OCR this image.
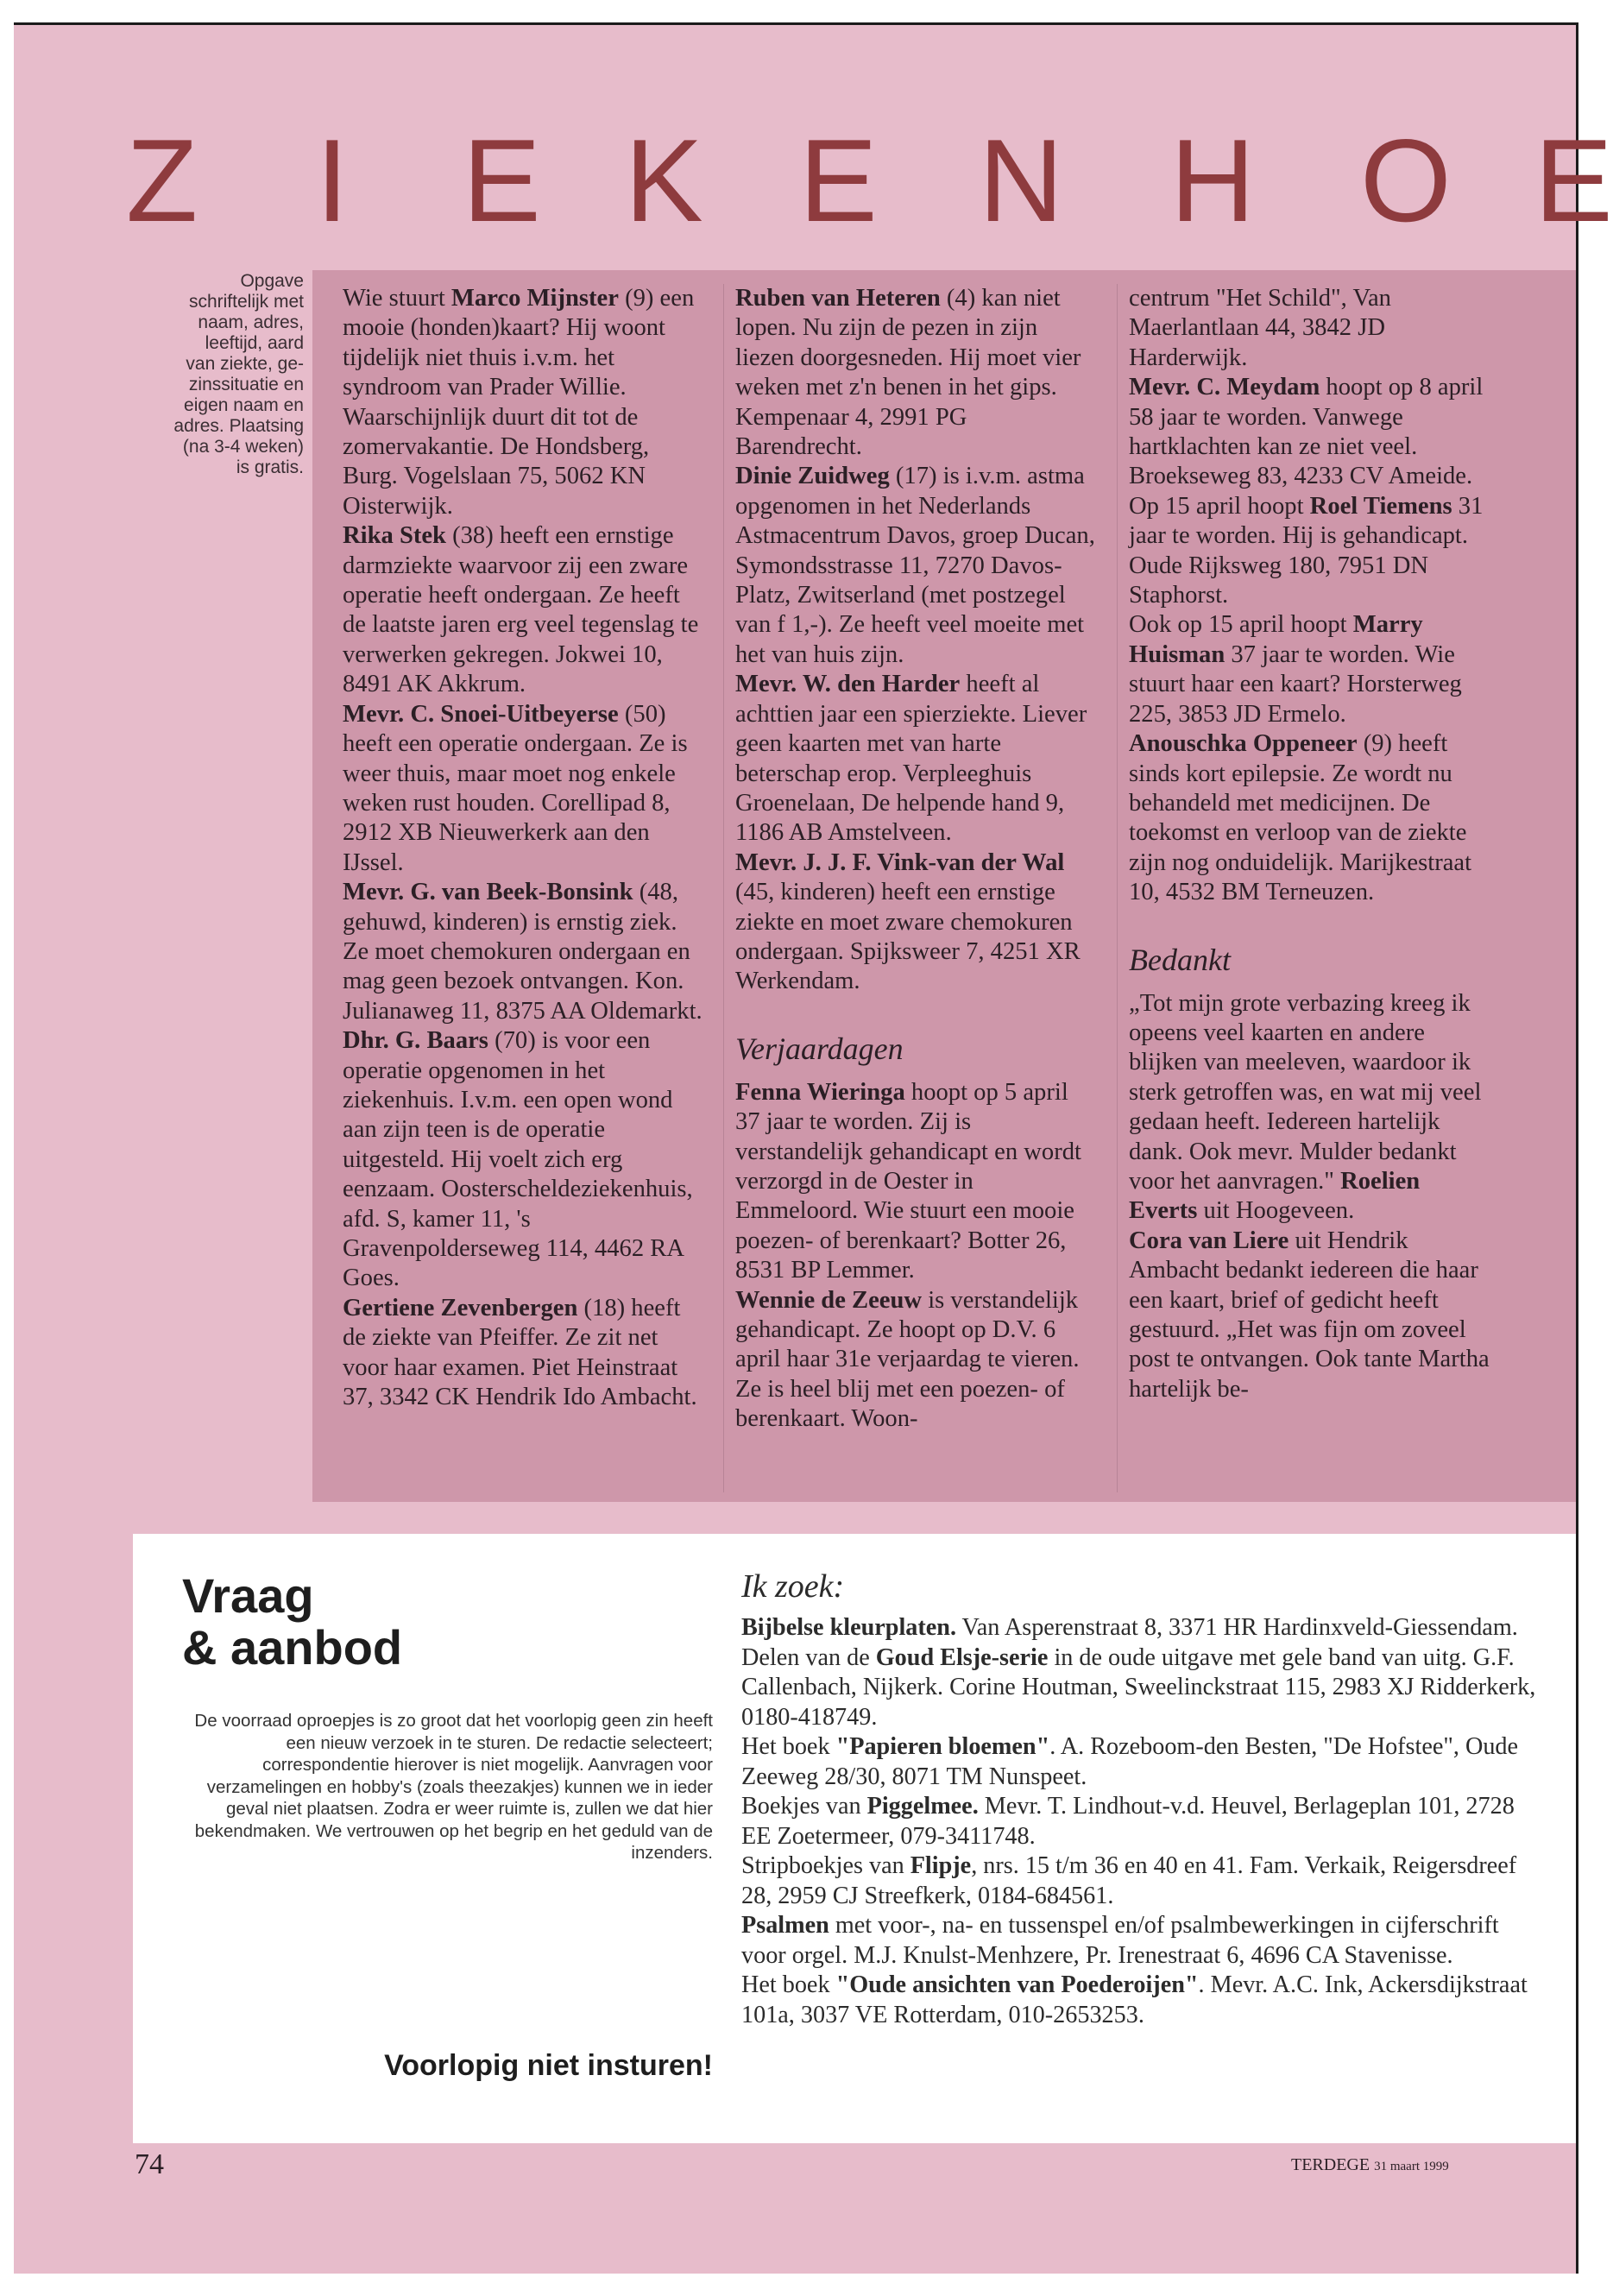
Z I E K E N H O E
Opgave
schriftelijk met
naam, adres,
leeftijd, aard
van ziekte, ge-
zinssituatie en
eigen naam en
adres. Plaatsing
(na 3-4 weken)
is gratis.

Wie stuurt Marco Mijnster (9) een mooie (honden)kaart? Hij woont tijdelijk niet thuis i.v.m. het syndroom van Prader Willie. Waarschijnlijk duurt dit tot de zomervakantie. De Hondsberg, Burg. Vogelslaan 75, 5062 KN Oisterwijk.

Rika Stek (38) heeft een ernstige darmziekte waarvoor zij een zware operatie heeft ondergaan. Ze heeft de laatste jaren erg veel tegenslag te verwerken gekregen. Jokwei 10, 8491 AK Akkrum.

Mevr. C. Snoei-Uitbeyerse (50) heeft een operatie ondergaan. Ze is weer thuis, maar moet nog enkele weken rust houden. Corellipad 8, 2912 XB Nieuwerkerk aan den IJssel.

Mevr. G. van Beek-Bonsink (48, gehuwd, kinderen) is ernstig ziek. Ze moet chemokuren ondergaan en mag geen bezoek ontvangen. Kon. Julianaweg 11, 8375 AA Oldemarkt.

Dhr. G. Baars (70) is voor een operatie opgenomen in het ziekenhuis. I.v.m. een open wond aan zijn teen is de operatie uitgesteld. Hij voelt zich erg eenzaam. Oosterscheldeziekenhuis, afd. S, kamer 11, 's Gravenpolderseweg 114, 4462 RA Goes.

Gertiene Zevenbergen (18) heeft de ziekte van Pfeiffer. Ze zit net voor haar examen. Piet Heinstraat 37, 3342 CK Hendrik Ido Ambacht.

Ruben van Heteren (4) kan niet lopen. Nu zijn de pezen in zijn liezen doorgesneden. Hij moet vier weken met z'n benen in het gips. Kempenaar 4, 2991 PG Barendrecht.

Dinie Zuidweg (17) is i.v.m. astma opgenomen in het Nederlands Astmacentrum Davos, groep Ducan, Symondsstrasse 11, 7270 Davos-Platz, Zwitserland (met postzegel van f 1,-). Ze heeft veel moeite met het van huis zijn.

Mevr. W. den Harder heeft al achttien jaar een spierziekte. Liever geen kaarten met van harte beterschap erop. Verpleeghuis Groenelaan, De helpende hand 9, 1186 AB Amstelveen.

Mevr. J. J. F. Vink-van der Wal (45, kinderen) heeft een ernstige ziekte en moet zware chemokuren ondergaan. Spijksweer 7, 4251 XR Werkendam.

Verjaardagen

Fenna Wieringa hoopt op 5 april 37 jaar te worden. Zij is verstandelijk gehandicapt en wordt verzorgd in de Oester in Emmeloord. Wie stuurt een mooie poezen- of berenkaart? Botter 26, 8531 BP Lemmer.

Wennie de Zeeuw is verstandelijk gehandicapt. Ze hoopt op D.V. 6 april haar 31e verjaardag te vieren. Ze is heel blij met een poezen- of berenkaart. Woon-

centrum "Het Schild", Van Maerlantlaan 44, 3842 JD Harderwijk.

Mevr. C. Meydam hoopt op 8 april 58 jaar te worden. Vanwege hartklachten kan ze niet veel. Broekseweg 83, 4233 CV Ameide.

Op 15 april hoopt Roel Tiemens 31 jaar te worden. Hij is gehandicapt. Oude Rijksweg 180, 7951 DN Staphorst.

Ook op 15 april hoopt Marry Huisman 37 jaar te worden. Wie stuurt haar een kaart? Horsterweg 225, 3853 JD Ermelo.

Anouschka Oppeneer (9) heeft sinds kort epilepsie. Ze wordt nu behandeld met medicijnen. De toekomst en verloop van de ziekte zijn nog onduidelijk. Marijkestraat 10, 4532 BM Terneuzen.

Bedankt

„Tot mijn grote verbazing kreeg ik opeens veel kaarten en andere blijken van meeleven, waardoor ik sterk getroffen was, en wat mij veel gedaan heeft. Iedereen hartelijk dank. Ook mevr. Mulder bedankt voor het aanvragen." Roelien Everts uit Hoogeveen.

Cora van Liere uit Hendrik Ambacht bedankt iedereen die haar een kaart, brief of gedicht heeft gestuurd. „Het was fijn om zoveel post te ontvangen. Ook tante Martha hartelijk be-

Vraag
& aanbod
De voorraad oproepjes is zo groot dat het voorlopig geen zin heeft een nieuw verzoek in te sturen. De redactie selecteert; correspondentie hierover is niet mogelijk. Aanvragen voor verzamelingen en hobby's (zoals theezakjes) kunnen we in ieder geval niet plaatsen. Zodra er weer ruimte is, zullen we dat hier bekendmaken. We vertrouwen op het begrip en het geduld van de inzenders.
Voorlopig niet insturen!

Ik zoek:

Bijbelse kleurplaten. Van Asperenstraat 8, 3371 HR Hardinxveld-Giessendam.

Delen van de Goud Elsje-serie in de oude uitgave met gele band van uitg. G.F. Callenbach, Nijkerk. Corine Houtman, Sweelinckstraat 115, 2983 XJ Ridderkerk, 0180-418749.

Het boek "Papieren bloemen". A. Rozeboom-den Besten, "De Hofstee", Oude Zeeweg 28/30, 8071 TM Nunspeet.

Boekjes van Piggelmee. Mevr. T. Lindhout-v.d. Heuvel, Berlageplan 101, 2728 EE Zoetermeer, 079-3411748.

Stripboekjes van Flipje, nrs. 15 t/m 36 en 40 en 41. Fam. Verkaik, Reigersdreef 28, 2959 CJ Streefkerk, 0184-684561.

Psalmen met voor-, na- en tussenspel en/of psalmbewerkingen in cijferschrift voor orgel. M.J. Knulst-Menhzere, Pr. Irenestraat 6, 4696 CA Stavenisse.

Het boek "Oude ansichten van Poederoijen". Mevr. A.C. Ink, Ackersdijkstraat 101a, 3037 VE Rotterdam, 010-2653253.

74	TERDEGE 31 maart 1999
